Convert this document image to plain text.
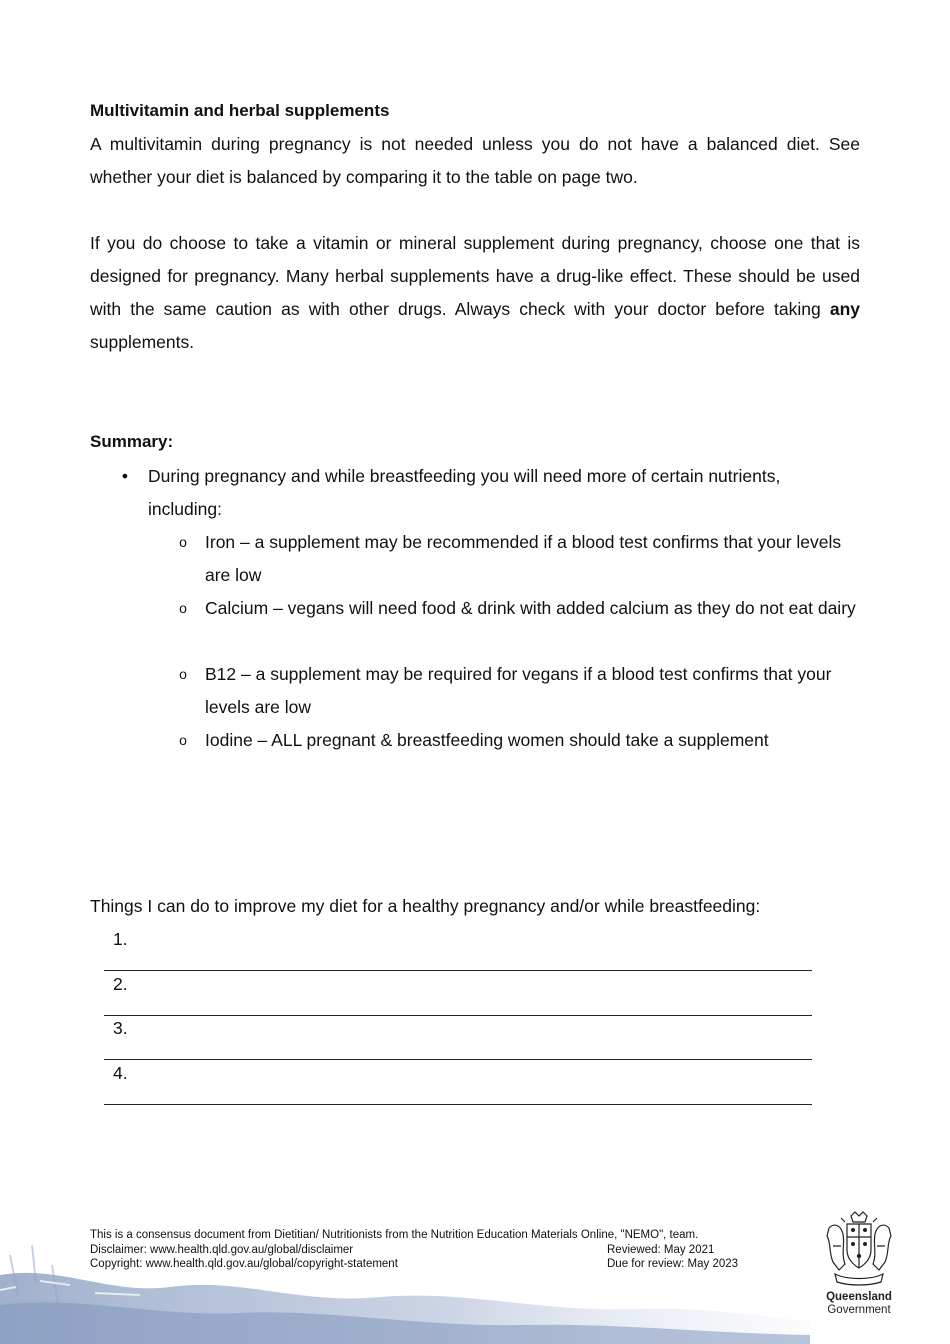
Multivitamin and herbal supplements

A multivitamin during pregnancy is not needed unless you do not have a balanced diet. See whether your diet is balanced by comparing it to the table on page two.

If you do choose to take a vitamin or mineral supplement during pregnancy, choose one that is designed for pregnancy. Many herbal supplements have a drug-like effect. These should be used with the same caution as with other drugs. Always check with your doctor before taking any supplements.

Summary:
• During pregnancy and while breastfeeding you will need more of certain nutrients, including:
o Iron – a supplement may be recommended if a blood test confirms that your levels are low
o Calcium – vegans will need food & drink with added calcium as they do not eat dairy
o B12 – a supplement may be required for vegans if a blood test confirms that your levels are low
o Iodine – ALL pregnant & breastfeeding women should take a supplement
Things I can do to improve my diet for a healthy pregnancy and/or while breastfeeding:
1.
2.
3.
4.
This is a consensus document from Dietitian/ Nutritionists from the Nutrition Education Materials Online, "NEMO", team.
Disclaimer: www.health.qld.gov.au/global/disclaimer	Reviewed: May 2021
Copyright: www.health.qld.gov.au/global/copyright-statement	Due for review: May 2023
Queensland
Government
